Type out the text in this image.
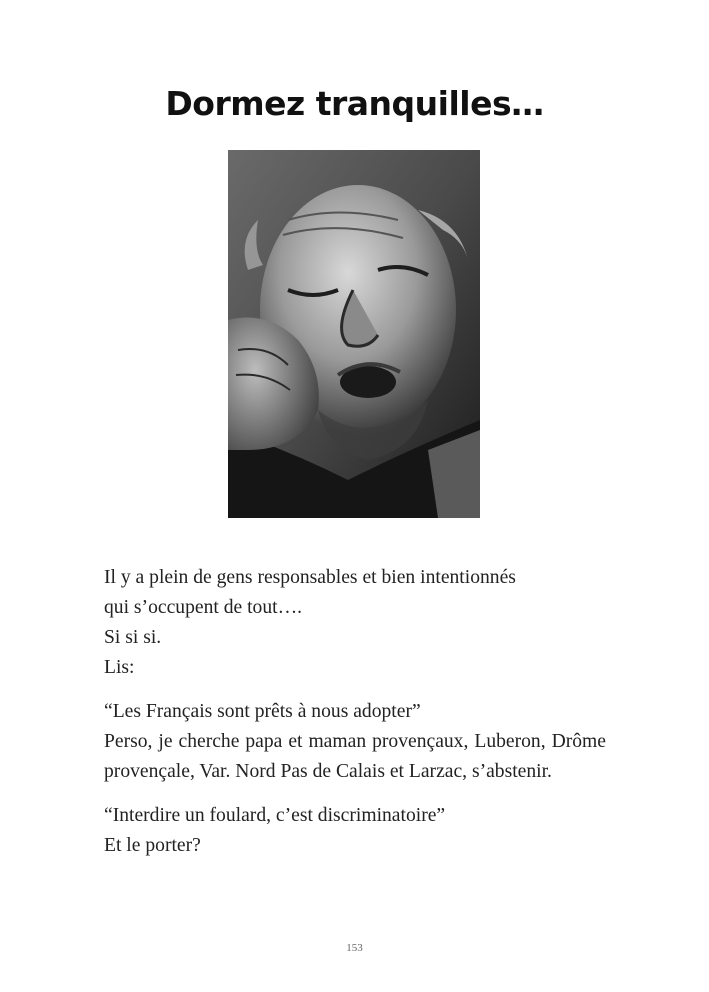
Dormez tranquilles…

Il y a plein de gens responsables et bien intentionnés
qui s’occupent de tout….
Si si si.
Lis:

“Les Français sont prêts à nous adopter”
Perso, je cherche papa et maman provençaux, Luberon, Drôme provençale, Var. Nord Pas de Calais et Larzac, s’abstenir.

“Interdire un foulard, c’est discriminatoire”
Et le porter?

153
